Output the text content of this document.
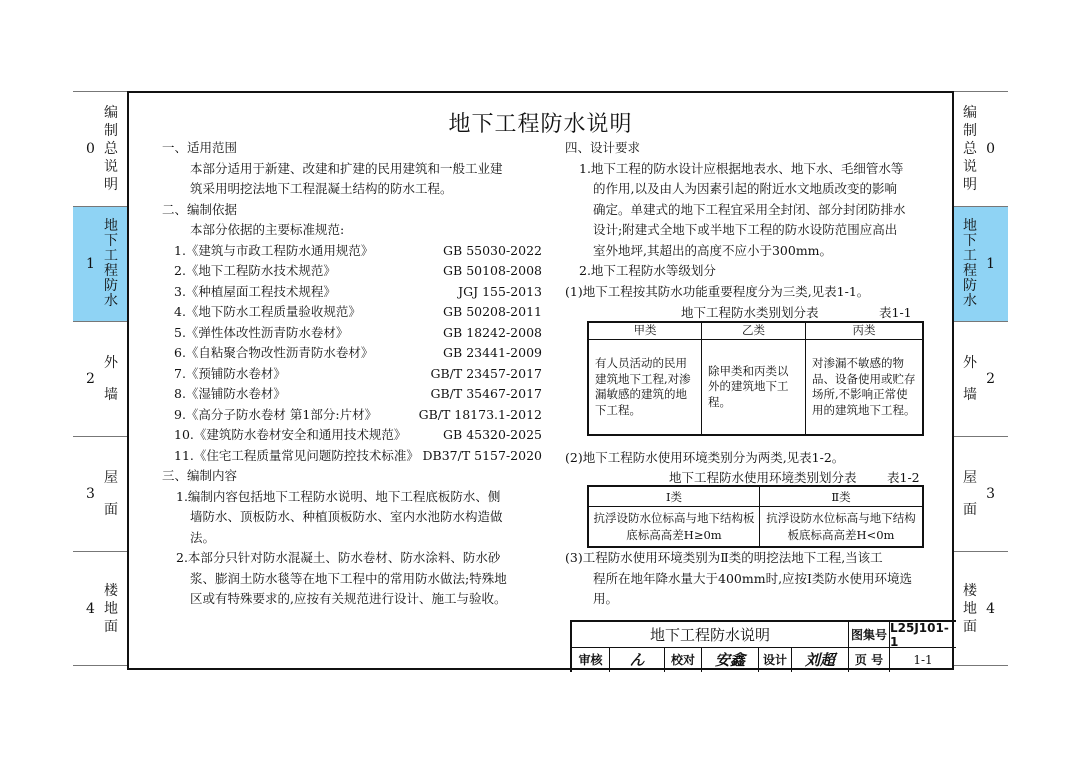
0
编制总说明
1
地下工程防水
2
外墙
3
屋面
4
楼地面
编制总说明
0
地下工程防水
1
外墙
2
屋面
3
楼地面
4
地下工程防水说明

一、适用范围

本部分适用于新建、改建和扩建的民用建筑和一般工业建

筑采用明挖法地下工程混凝土结构的防水工程。

二、编制依据

本部分依据的主要标准规范:

1.《建筑与市政工程防水通用规范》	GB 55030-2022
2.《地下工程防水技术规范》	GB 50108-2008
3.《种植屋面工程技术规程》	JGJ 155-2013
4.《地下防水工程质量验收规范》	GB 50208-2011
5.《弹性体改性沥青防水卷材》	GB 18242-2008
6.《自粘聚合物改性沥青防水卷材》	GB 23441-2009
7.《预铺防水卷材》	GB/T 23457-2017
8.《湿铺防水卷材》	GB/T 35467-2017
9.《高分子防水卷材 第1部分:片材》	GB/T 18173.1-2012
10.《建筑防水卷材安全和通用技术规范》	GB 45320-2025
11.《住宅工程质量常见问题防控技术标准》 DB37/T 5157-2020

三、编制内容

1.编制内容包括地下工程防水说明、地下工程底板防水、侧

墙防水、顶板防水、种植顶板防水、室内水池防水构造做

法。

2.本部分只针对防水混凝土、防水卷材、防水涂料、防水砂

浆、膨润土防水毯等在地下工程中的常用防水做法;特殊地

区或有特殊要求的,应按有关规范进行设计、施工与验收。

四、设计要求

1.地下工程的防水设计应根据地表水、地下水、毛细管水等

的作用,以及由人为因素引起的附近水文地质改变的影响

确定。单建式的地下工程宜采用全封闭、部分封闭防排水

设计;附建式全地下或半地下工程的防水设防范围应高出

室外地坪,其超出的高度不应小于300mm。

2.地下工程防水等级划分

(1)地下工程按其防水功能重要程度分为三类,见表1-1。

地下工程防水类别划分表	表1-1
甲类	乙类	丙类
有人员活动的民用建筑地下工程,对渗漏敏感的建筑的地下工程。	除甲类和丙类以外的建筑地下工程。	对渗漏不敏感的物品、设备使用或贮存场所,不影响正常使用的建筑地下工程。

(2)地下工程防水使用环境类别分为两类,见表1-2。

地下工程防水使用环境类别划分表 表1-2
Ⅰ类	Ⅱ类
抗浮设防水位标高与地下结构板底标高高差H≥0m	抗浮设防水位标高与地下结构板底标高高差H<0m

(3)工程防水使用环境类别为Ⅱ类的明挖法地下工程,当该工

程所在地年降水量大于400mm时,应按Ⅰ类防水使用环境选

用。

地下工程防水说明	图集号
L25J101-1
审核	ん	校对	安鑫	设计	刘超	页 号	1-1
